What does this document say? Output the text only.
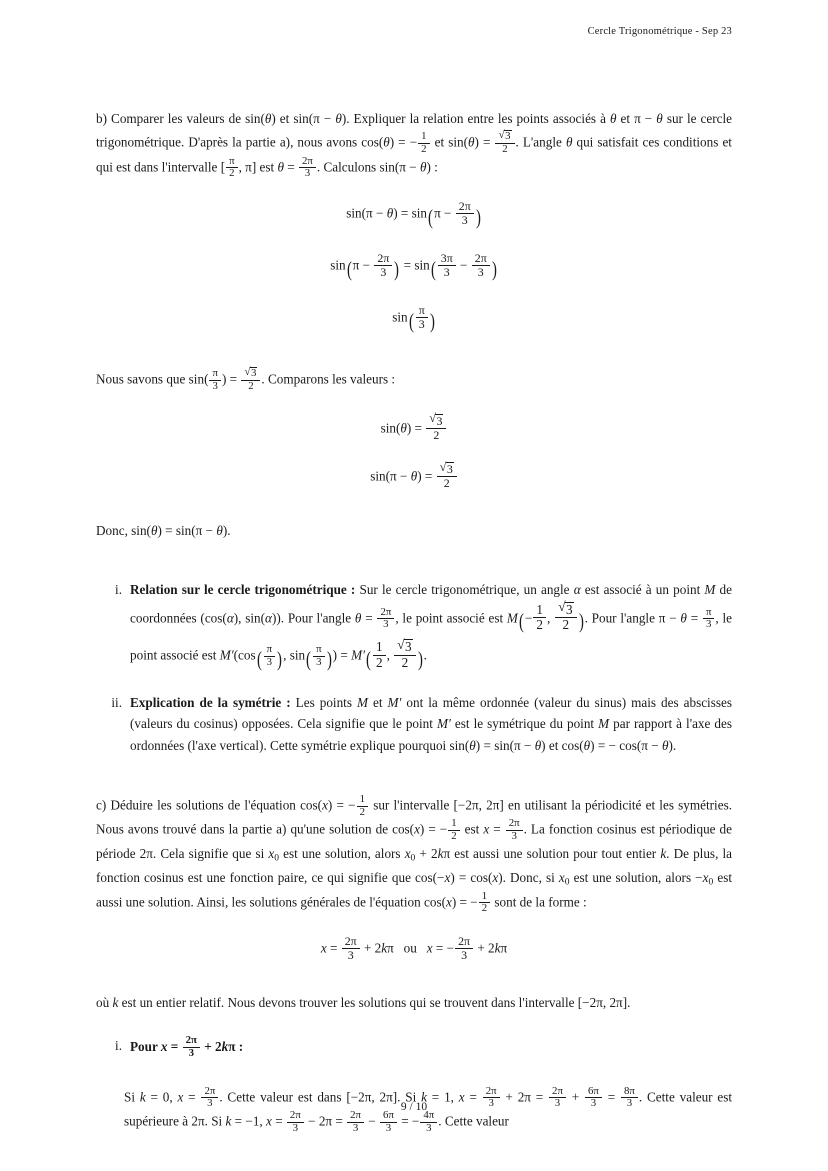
Cercle Trigonométrique - Sep 23

b) Comparer les valeurs de sin(θ) et sin(π − θ). Expliquer la relation entre les points associés à θ et π − θ sur le cercle trigonométrique. D'après la partie a), nous avons cos(θ) = − $\frac{1}{2}$ et sin(θ) = √ $\frac{3}{2}$ . L'angle θ qui satisfait ces conditions et qui est dans l'intervalle [ $\frac{\pi}{2}$ , π] est $\theta = \frac{2\pi}{3}$ . Calculons sin(π − θ) :

$\sin(\pi - \theta) = \sin(\pi - \frac{2\pi}{3}$ )
$\sin(\pi - \frac{2\pi}{3}$ ) = $\sin( \frac{3\pi}{3} - \frac{2\pi}{3}$ )
$\sin( \frac{\pi}{3}$ )

Nous savons que $\sin( \frac{\pi}{3}$ ) = √ $\frac{3}{2}$ . Comparons les valeurs :

sin(θ) = √ $\frac{3}{2}$
sin(π − θ) = √ $\frac{3}{2}$

Donc, sin(θ) = sin(π − θ).

i. Relation sur le cercle trigonométrique : Sur le cercle trigonométrique, un angle α est associé à un point M de coordonnées (cos(α), sin(α)). Pour l'angle $\theta = \frac{2\pi}{3}$ , le point associé est $M(- \frac{1}{2}$ , √ $\frac{3}{2}$ ). Pour l'angle $\pi - \theta = \frac{\pi}{3}$ , le point associé est $M'(\cos( \frac{\pi}{3}$ ), $\sin( \frac{\pi}{3}$ )) = $M'( \frac{1}{2}$ , √ $\frac{3}{2}$ ).
ii. Explication de la symétrie : Les points M et M′ ont la même ordonnée (valeur du sinus) mais des abscisses (valeurs du cosinus) opposées. Cela signifie que le point M′ est le symétrique du point M par rapport à l'axe des ordonnées (l'axe vertical). Cette symétrie explique pourquoi sin(θ) = sin(π − θ) et cos(θ) = − cos(π − θ).

c) Déduire les solutions de l'équation cos(x) = − $\frac{1}{2}$ sur l'intervalle [−2π, 2π] en utilisant la périodicité et les symétries. Nous avons trouvé dans la partie a) qu'une solution de cos(x) = − $\frac{1}{2}$ est $x = \frac{2\pi}{3}$ . La fonction cosinus est périodique de période 2π. Cela signifie que si $x_0$ est une solution, alors $x_0 + 2k\pi$ est aussi une solution pour tout entier k. De plus, la fonction cosinus est une fonction paire, ce qui signifie que cos(−x) = cos(x). Donc, si $x_0$ est une solution, alors $-x_0$ est aussi une solution. Ainsi, les solutions générales de l'équation cos(x) = − $\frac{1}{2}$ sont de la forme :

$x = \frac{2\pi}{3} + 2k\pi$   ou   x = − $\frac{2\pi}{3} + 2k\pi$

où k est un entier relatif. Nous devons trouver les solutions qui se trouvent dans l'intervalle [−2π, 2π].

i. Pour $x = \frac{2\pi}{3} + 2k\pi$ :
Si k = 0, $x = \frac{2\pi}{3}$ . Cette valeur est dans [−2π, 2π]. Si k = 1, $x = \frac{2\pi}{3} + 2\pi = \frac{2\pi}{3} + \frac{6\pi}{3} = \frac{8\pi}{3}$ . Cette valeur est supérieure à 2π. Si k = −1, $x = \frac{2\pi}{3} - 2\pi = \frac{2\pi}{3} - \frac{6\pi}{3}$ = − $\frac{4\pi}{3}$ . Cette valeur
9 / 10
